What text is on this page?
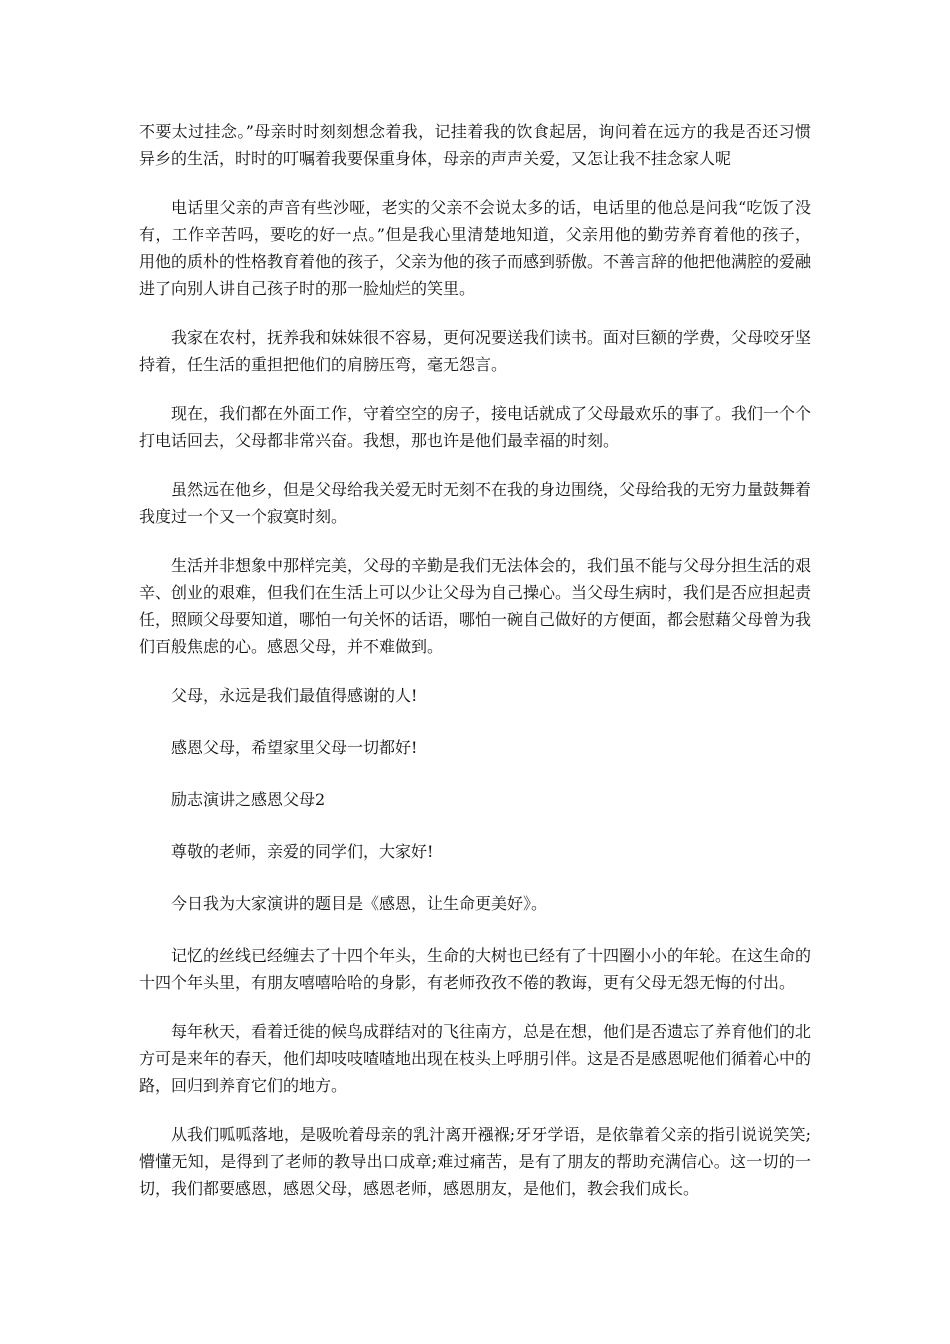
不要太过挂念。”母亲时时刻刻想念着我，记挂着我的饮食起居，询问着在远方的我是否还习惯异乡的生活，时时的叮嘱着我要保重身体，母亲的声声关爱，又怎让我不挂念家人呢

电话里父亲的声音有些沙哑，老实的父亲不会说太多的话，电话里的他总是问我“吃饭了没有，工作辛苦吗，要吃的好一点。”但是我心里清楚地知道，父亲用他的勤劳养育着他的孩子，用他的质朴的性格教育着他的孩子，父亲为他的孩子而感到骄傲。不善言辞的他把他满腔的爱融进了向别人讲自己孩子时的那一脸灿烂的笑里。

我家在农村，抚养我和妹妹很不容易，更何况要送我们读书。面对巨额的学费，父母咬牙坚持着，任生活的重担把他们的肩膀压弯，毫无怨言。

现在，我们都在外面工作，守着空空的房子，接电话就成了父母最欢乐的事了。我们一个个打电话回去，父母都非常兴奋。我想，那也许是他们最幸福的时刻。

虽然远在他乡，但是父母给我关爱无时无刻不在我的身边围绕，父母给我的无穷力量鼓舞着我度过一个又一个寂寞时刻。

生活并非想象中那样完美，父母的辛勤是我们无法体会的，我们虽不能与父母分担生活的艰辛、创业的艰难，但我们在生活上可以少让父母为自己操心。当父母生病时，我们是否应担起责任，照顾父母要知道，哪怕一句关怀的话语，哪怕一碗自己做好的方便面，都会慰藉父母曾为我们百般焦虑的心。感恩父母，并不难做到。

父母，永远是我们最值得感谢的人!

感恩父母，希望家里父母一切都好!

励志演讲之感恩父母2

尊敬的老师，亲爱的同学们，大家好!

今日我为大家演讲的题目是《感恩，让生命更美好》。

记忆的丝线已经缠去了十四个年头，生命的大树也已经有了十四圈小小的年轮。在这生命的十四个年头里，有朋友嘻嘻哈哈的身影，有老师孜孜不倦的教诲，更有父母无怨无悔的付出。

每年秋天，看着迁徙的候鸟成群结对的飞往南方，总是在想，他们是否遗忘了养育他们的北方可是来年的春天，他们却吱吱喳喳地出现在枝头上呼朋引伴。这是否是感恩呢他们循着心中的路，回归到养育它们的地方。

从我们呱呱落地，是吸吮着母亲的乳汁离开襁褓;牙牙学语，是依靠着父亲的指引说说笑笑;懵懂无知，是得到了老师的教导出口成章;难过痛苦，是有了朋友的帮助充满信心。这一切的一切，我们都要感恩，感恩父母，感恩老师，感恩朋友，是他们，教会我们成长。
